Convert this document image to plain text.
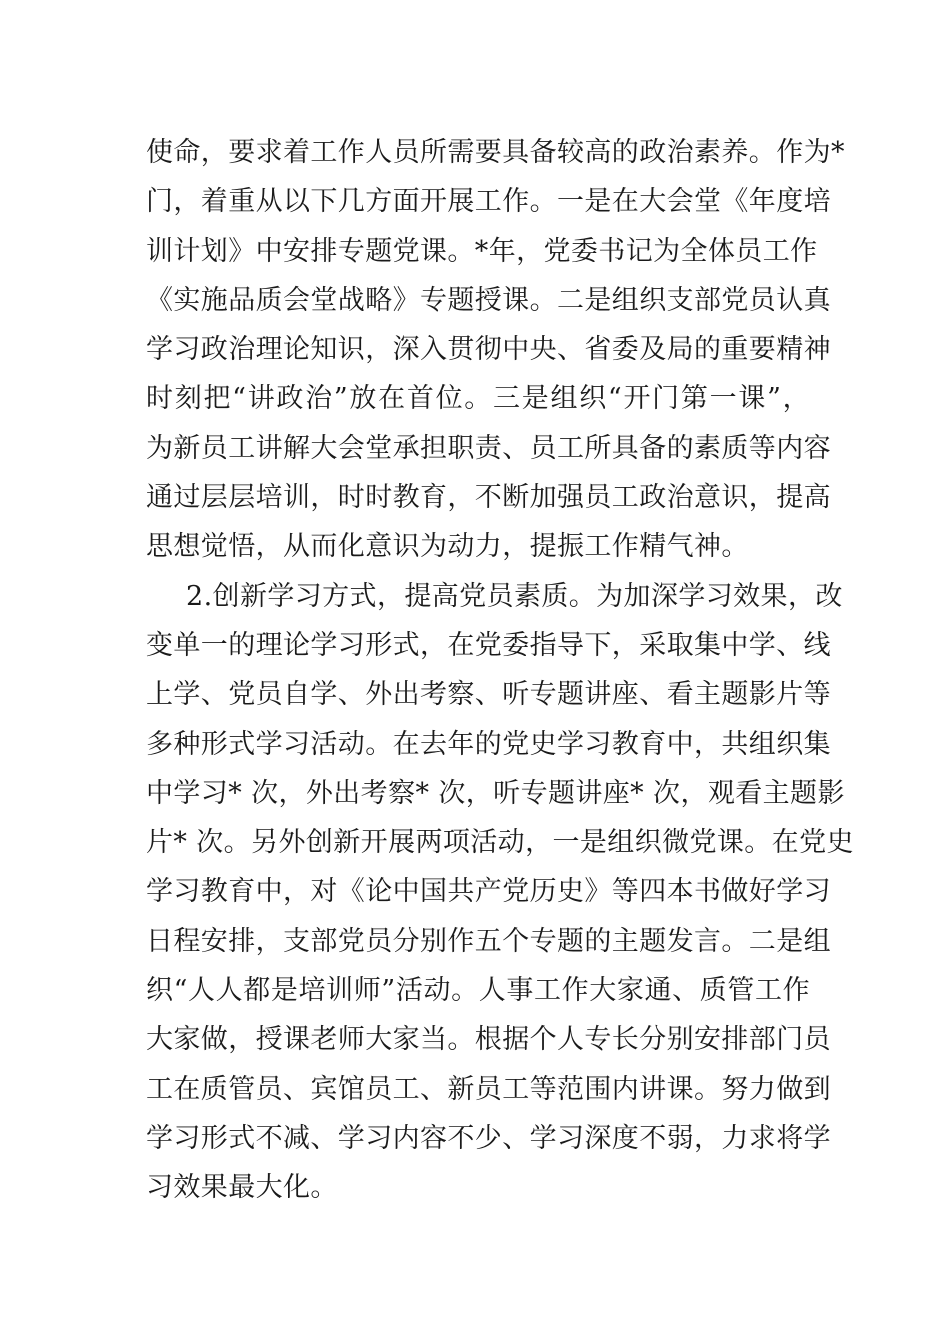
使命，要求着工作人员所需要具备较高的政治素养。作为*
门，着重从以下几方面开展工作。一是在大会堂《年度培
训计划》中安排专题党课。*年，党委书记为全体员工作
《实施品质会堂战略》专题授课。二是组织支部党员认真
学习政治理论知识，深入贯彻中央、省委及局的重要精神
时刻把“讲政治”放在首位。三是组织“开门第一课”，
为新员工讲解大会堂承担职责、员工所具备的素质等内容
通过层层培训，时时教育，不断加强员工政治意识，提高
思想觉悟，从而化意识为动力，提振工作精气神。
2.创新学习方式，提高党员素质。为加深学习效果，改
变单一的理论学习形式，在党委指导下，采取集中学、线
上学、党员自学、外出考察、听专题讲座、看主题影片等
多种形式学习活动。在去年的党史学习教育中，共组织集
中学习* 次，外出考察* 次，听专题讲座* 次，观看主题影
片* 次。另外创新开展两项活动，一是组织微党课。在党史
学习教育中，对《论中国共产党历史》等四本书做好学习
日程安排，支部党员分别作五个专题的主题发言。二是组
织“人人都是培训师”活动。人事工作大家通、质管工作
大家做，授课老师大家当。根据个人专长分别安排部门员
工在质管员、宾馆员工、新员工等范围内讲课。努力做到
学习形式不减、学习内容不少、学习深度不弱，力求将学
习效果最大化。
